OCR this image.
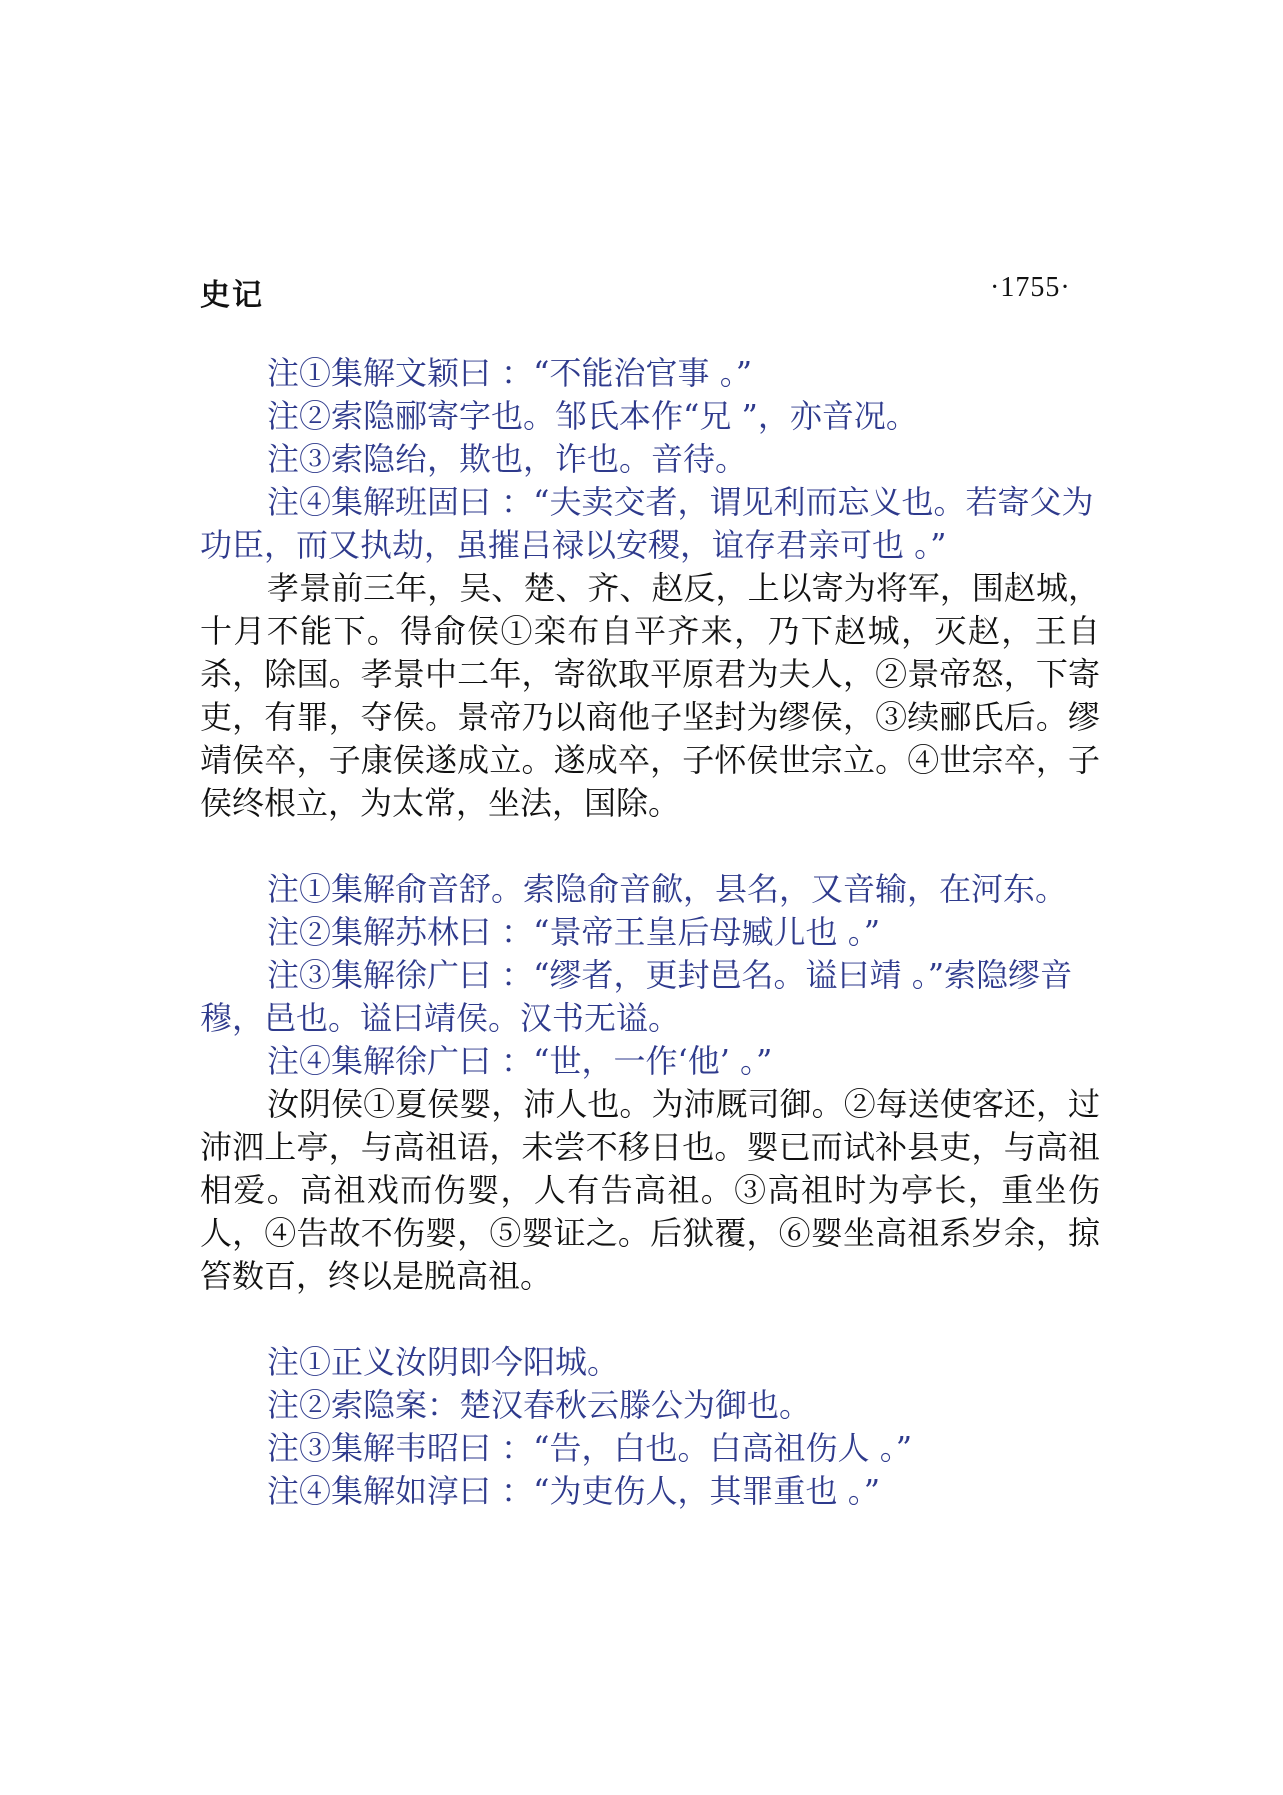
史记	·1755·

注①集解文颖曰 ：“不能治官事 。”

注②索隐郦寄字也。邹氏本作“兄 ”，亦音况。

注③索隐绐，欺也，诈也。音待。

注④集解班固曰 ：“夫卖交者，谓见利而忘义也。若寄父为功臣，而又执劫，虽摧吕禄以安稷，谊存君亲可也 。”

孝景前三年，吴、楚、齐、赵反，上以寄为将军，围赵城，十月不能下。得俞侯①栾布自平齐来，乃下赵城，灭赵，王自杀，除国。孝景中二年，寄欲取平原君为夫人，②景帝怒，下寄吏，有罪，夺侯。景帝乃以商他子坚封为缪侯，③续郦氏后。缪靖侯卒，子康侯遂成立。遂成卒，子怀侯世宗立。④世宗卒，子侯终根立，为太常，坐法，国除。

注①集解俞音舒。索隐俞音歈，县名，又音输，在河东。

注②集解苏林曰 ：“景帝王皇后母臧儿也 。”

注③集解徐广曰 ：“缪者，更封邑名。谥曰靖 。”索隐缪音穆，邑也。谥曰靖侯。汉书无谥。

注④集解徐广曰 ：“世，一作‘他’ 。”

汝阴侯①夏侯婴，沛人也。为沛厩司御。②每送使客还，过沛泗上亭，与高祖语，未尝不移日也。婴已而试补县吏，与高祖相爱。高祖戏而伤婴，人有告高祖。③高祖时为亭长，重坐伤人，④告故不伤婴，⑤婴证之。后狱覆，⑥婴坐高祖系岁余，掠笞数百，终以是脱高祖。

注①正义汝阴即今阳城。

注②索隐案：楚汉春秋云滕公为御也。

注③集解韦昭曰 ：“告，白也。白高祖伤人 。”

注④集解如淳曰 ：“为吏伤人，其罪重也 。”
